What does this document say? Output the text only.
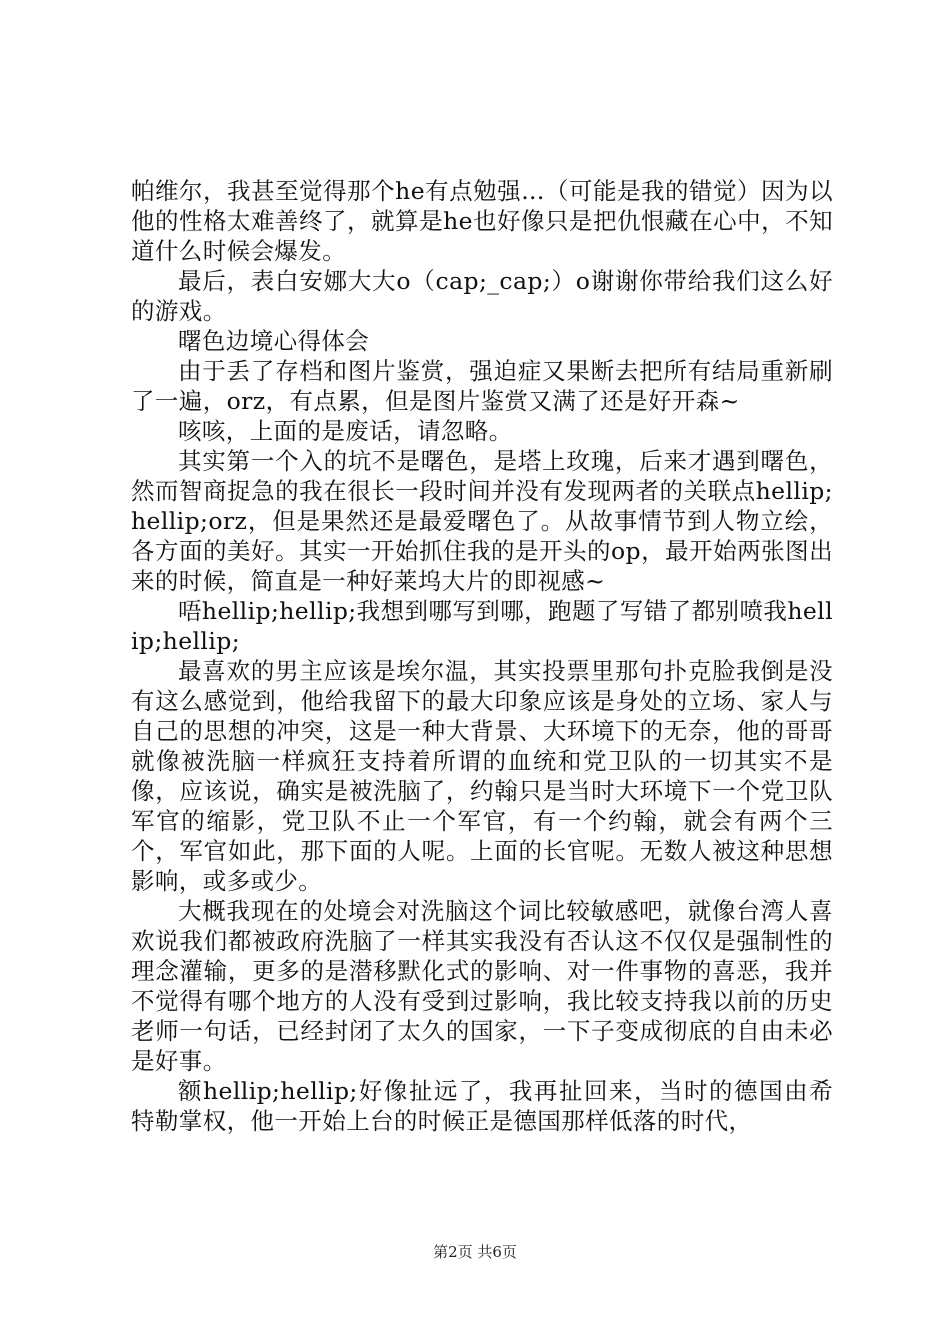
帕维尔，我甚至觉得那个he有点勉强...（可能是我的错觉）因为以他的性格太难善终了，就算是he也好像只是把仇恨藏在心中，不知道什么时候会爆发。

最后，表白安娜大大o（cap;_cap;）o谢谢你带给我们这么好的游戏。

曙色边境心得体会

由于丢了存档和图片鉴赏，强迫症又果断去把所有结局重新刷了一遍，orz，有点累，但是图片鉴赏又满了还是好开森~

咳咳，上面的是废话，请忽略。

其实第一个入的坑不是曙色，是塔上玫瑰，后来才遇到曙色，然而智商捉急的我在很长一段时间并没有发现两者的关联点hellip;hellip;orz，但是果然还是最爱曙色了。从故事情节到人物立绘，各方面的美好。其实一开始抓住我的是开头的op，最开始两张图出来的时候，简直是一种好莱坞大片的即视感~

唔hellip;hellip;我想到哪写到哪，跑题了写错了都别喷我hellip;hellip;

最喜欢的男主应该是埃尔温，其实投票里那句扑克脸我倒是没有这么感觉到，他给我留下的最大印象应该是身处的立场、家人与自己的思想的冲突，这是一种大背景、大环境下的无奈，他的哥哥就像被洗脑一样疯狂支持着所谓的血统和党卫队的一切其实不是像，应该说，确实是被洗脑了，约翰只是当时大环境下一个党卫队军官的缩影，党卫队不止一个军官，有一个约翰，就会有两个三个，军官如此，那下面的人呢。上面的长官呢。无数人被这种思想影响，或多或少。

大概我现在的处境会对洗脑这个词比较敏感吧，就像台湾人喜欢说我们都被政府洗脑了一样其实我没有否认这不仅仅是强制性的理念灌输，更多的是潜移默化式的影响、对一件事物的喜恶，我并不觉得有哪个地方的人没有受到过影响，我比较支持我以前的历史老师一句话，已经封闭了太久的国家，一下子变成彻底的自由未必是好事。

额hellip;hellip;好像扯远了，我再扯回来，当时的德国由希特勒掌权，他一开始上台的时候正是德国那样低落的时代，

第2页 共6页
